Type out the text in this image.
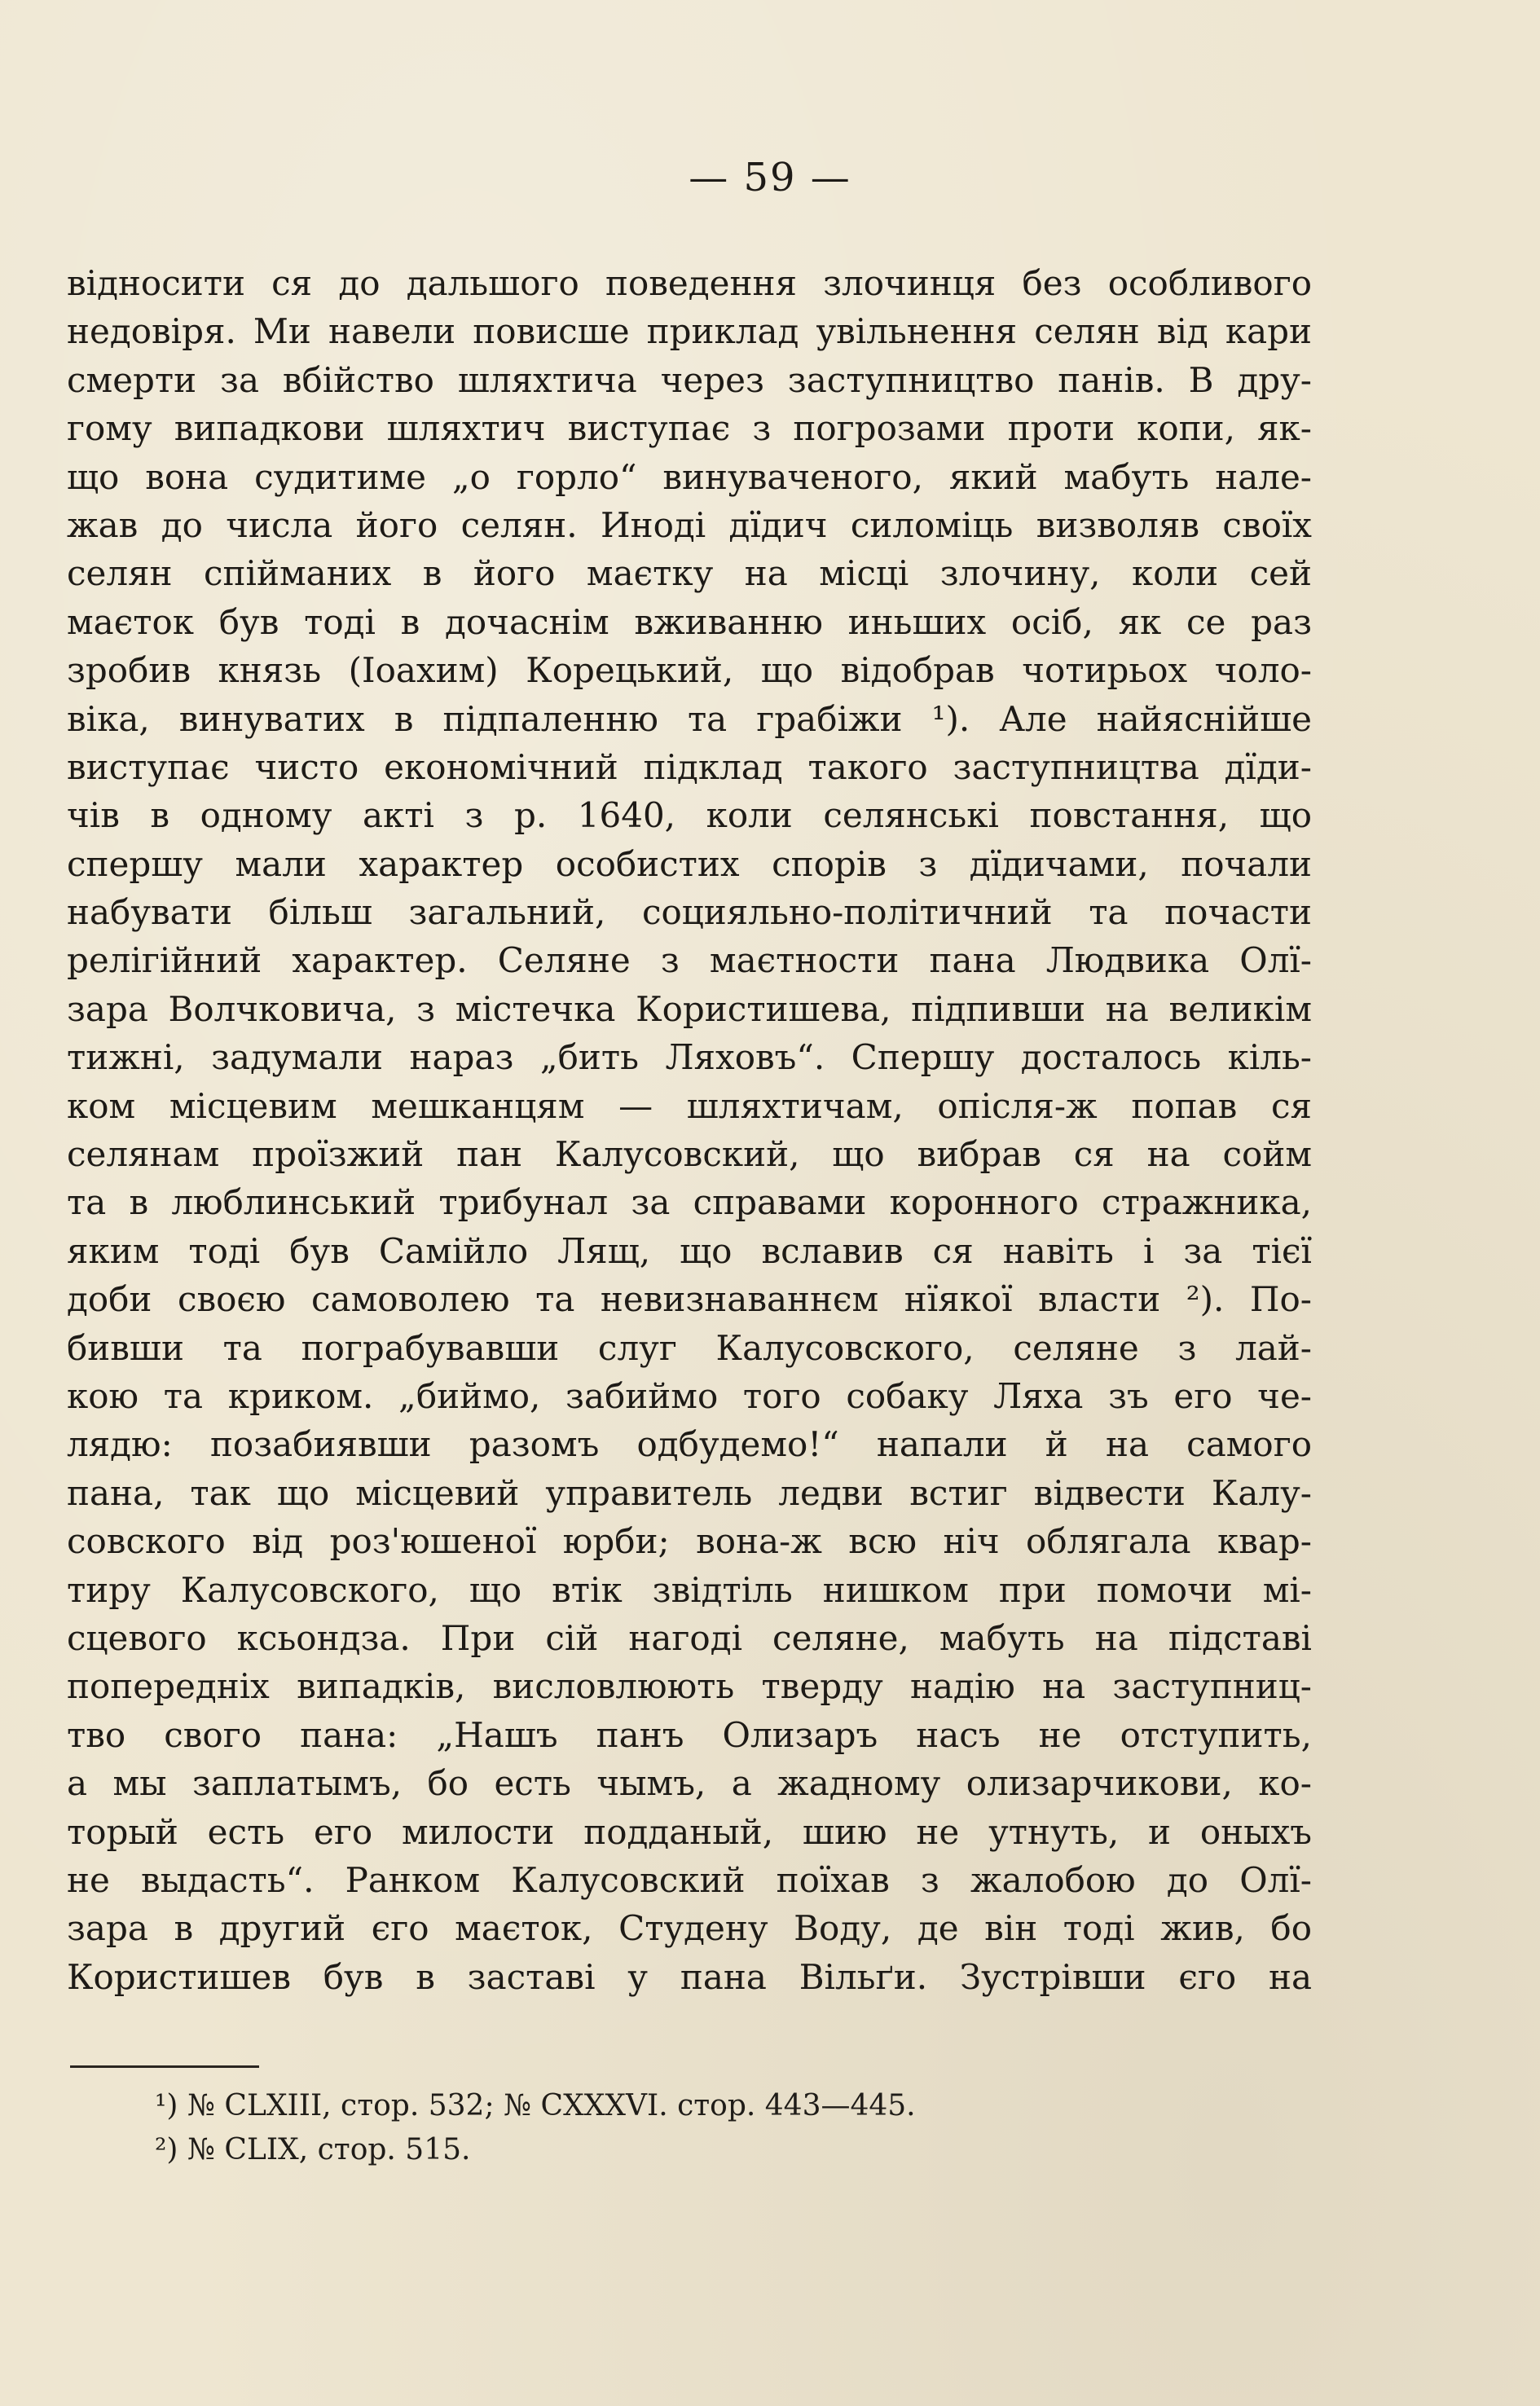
— 59 —
відносити ся до дальшого поведення злочинця без особливого
недовіря. Ми навели повисше приклад увільнення селян від кари
смерти за вбійство шляхтича через заступництво панів. В дру-
гому випадкови шляхтич виступає з погрозами проти копи, як-
що вона судитиме „о горло“ винуваченого, який мабуть нале-
жав до числа його селян. Иноді дїдич силоміць визволяв своїх
селян спійманих в його маєтку на місці злочину, коли сей
маєток був тоді в дочаснім вживанню иньших осіб, як се раз
зробив князь (Іоахим) Корецький, що відобрав чотирьох чоло-
віка, винуватих в підпаленню та грабіжи ¹). Але найяснійше
виступає чисто економічний підклад такого заступництва дїди-
чів в одному акті з р. 1640, коли селянські повстання, що
спершу мали характер особистих спорів з дїдичами, почали
набувати більш загальний, социяльно-політичний та почасти
релігійний характер. Селяне з маєтности пана Людвика Олї-
зара Волчковича, з містечка Користишева, підпивши на великім
тижні, задумали нараз „бить Ляховъ“. Спершу досталось кіль-
ком місцевим мешканцям — шляхтичам, опісля-ж попав ся
селянам проїзжий пан Калусовский, що вибрав ся на сойм
та в люблинський трибунал за справами коронного стражника,
яким тоді був Самійло Лящ, що вславив ся навіть і за тієї
доби своєю самоволею та невизнаваннєм нїякої власти ²). По-
бивши та пограбувавши слуг Калусовского, селяне з лай-
кою та криком. „биймо, забиймо того собаку Ляха зъ его че-
лядю: позабиявши разомъ одбудемо!“ напали й на самого
пана, так що місцевий управитель ледви встиг відвести Калу-
совского від роз'юшеної юрби; вона-ж всю ніч облягала квар-
тиру Калусовского, що втік звідтіль нишком при помочи мі-
сцевого ксьондза. При сій нагоді селяне, мабуть на підставі
попередніх випадків, висловлюють тверду надію на заступниц-
тво свого пана: „Нашъ панъ Олизаръ насъ не отступить,
а мы заплатымъ, бо есть чымъ, а жадному олизарчикови, ко-
торый есть его милости подданый, шию не утнуть, и оныхъ
не выдасть“. Ранком Калусовский поїхав з жалобою до Олї-
зара в другий єго маєток, Студену Воду, де він тоді жив, бо
Користишев був в заставі у пана Вільґи. Зустрівши єго на
¹) № CLXIII, стор. 532; № CXXXVI. стор. 443—445.
²) № CLIX, стор. 515.
